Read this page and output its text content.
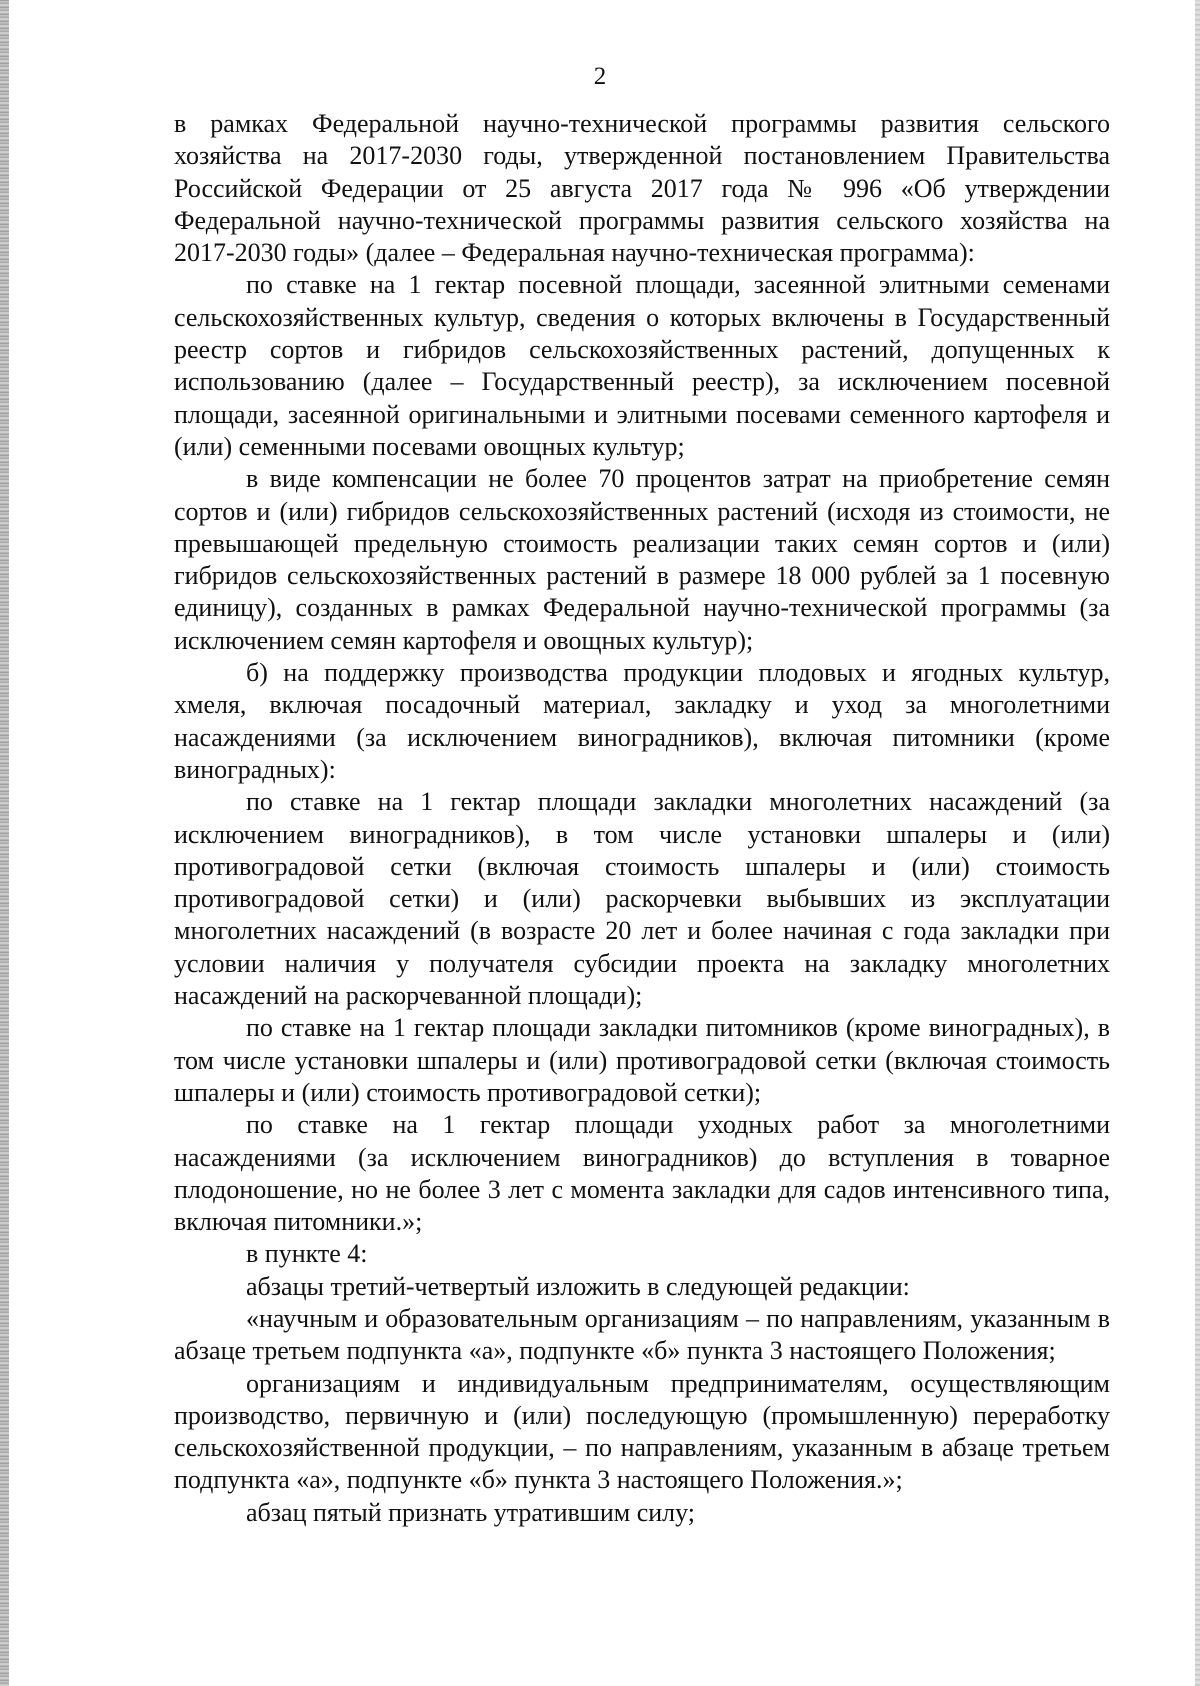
2

в рамках Федеральной научно-технической программы развития сельского хозяйства на 2017-2030 годы, утвержденной постановлением Правительства Российской Федерации от 25 августа 2017 года № 996 «Об утверждении Федеральной научно-технической программы развития сельского хозяйства на 2017-2030 годы» (далее – Федеральная научно-техническая программа):

по ставке на 1 гектар посевной площади, засеянной элитными семенами сельскохозяйственных культур, сведения о которых включены в Государственный реестр сортов и гибридов сельскохозяйственных растений, допущенных к использованию (далее – Государственный реестр), за исключением посевной площади, засеянной оригинальными и элитными посевами семенного картофеля и (или) семенными посевами овощных культур;

в виде компенсации не более 70 процентов затрат на приобретение семян сортов и (или) гибридов сельскохозяйственных растений (исходя из стоимости, не превышающей предельную стоимость реализации таких семян сортов и (или) гибридов сельскохозяйственных растений в размере 18 000 рублей за 1 посевную единицу), созданных в рамках Федеральной научно-технической программы (за исключением семян картофеля и овощных культур);

б) на поддержку производства продукции плодовых и ягодных культур, хмеля, включая посадочный материал, закладку и уход за многолетними насаждениями (за исключением виноградников), включая питомники (кроме виноградных):

по ставке на 1 гектар площади закладки многолетних насаждений (за исключением виноградников), в том числе установки шпалеры и (или) противоградовой сетки (включая стоимость шпалеры и (или) стоимость противоградовой сетки) и (или) раскорчевки выбывших из эксплуатации многолетних насаждений (в возрасте 20 лет и более начиная с года закладки при условии наличия у получателя субсидии проекта на закладку многолетних насаждений на раскорчеванной площади);

по ставке на 1 гектар площади закладки питомников (кроме виноградных), в том числе установки шпалеры и (или) противоградовой сетки (включая стоимость шпалеры и (или) стоимость противоградовой сетки);

по ставке на 1 гектар площади уходных работ за многолетними насаждениями (за исключением виноградников) до вступления в товарное плодоношение, но не более 3 лет с момента закладки для садов интенсивного типа, включая питомники.»;

в пункте 4:

абзацы третий-четвертый изложить в следующей редакции:

«научным и образовательным организациям – по направлениям, указанным в абзаце третьем подпункта «а», подпункте «б» пункта 3 настоящего Положения;

организациям и индивидуальным предпринимателям, осуществляющим производство, первичную и (или) последующую (промышленную) переработку сельскохозяйственной продукции, – по направлениям, указанным в абзаце третьем подпункта «а», подпункте «б» пункта 3 настоящего Положения.»;

абзац пятый признать утратившим силу;
